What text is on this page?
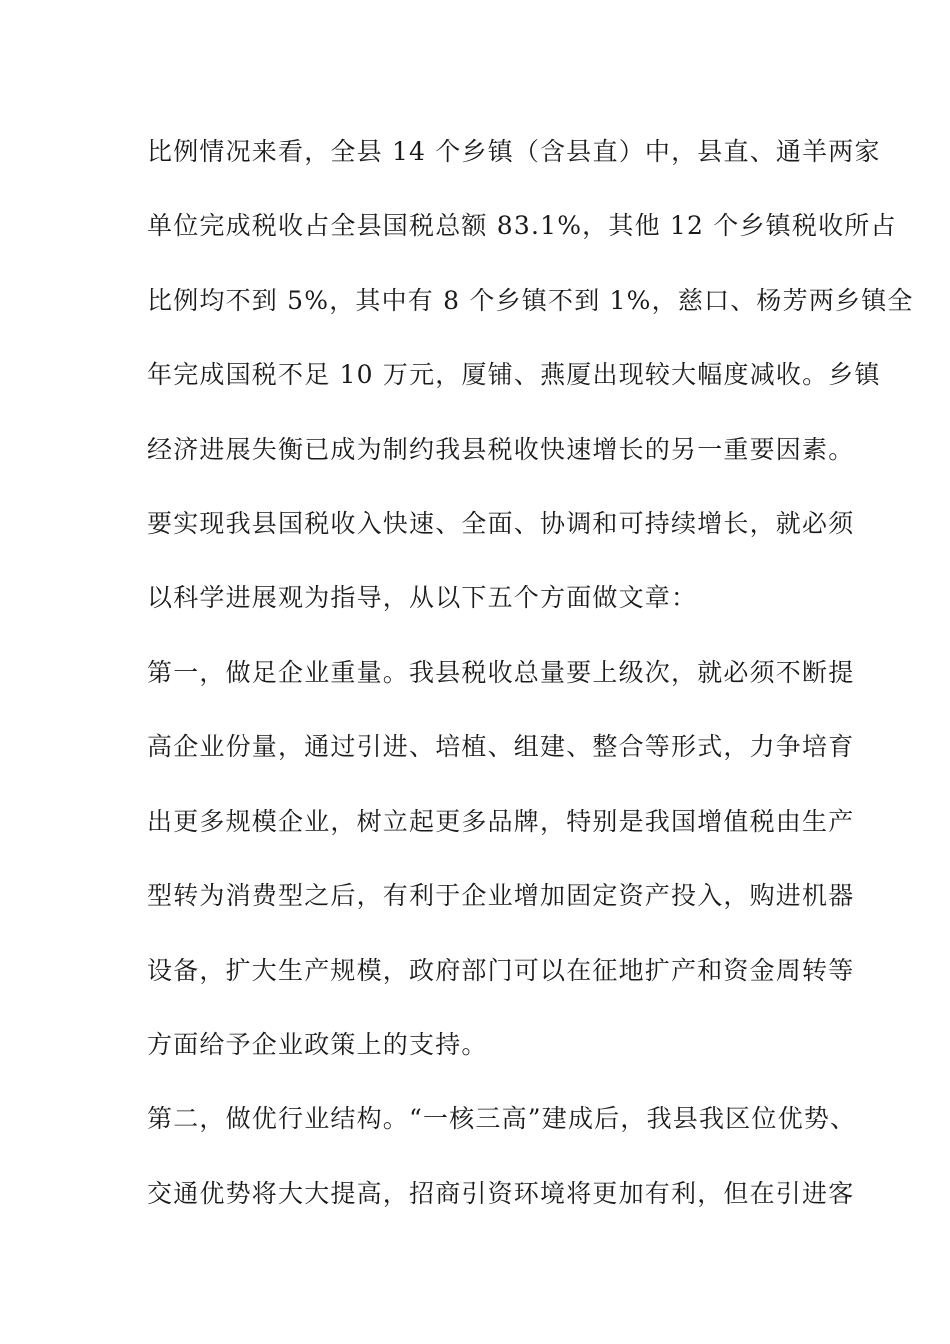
比例情况来看，全县 14 个乡镇（含县直）中，县直、通羊两家

单位完成税收占全县国税总额 83.1%，其他 12 个乡镇税收所占

比例均不到 5%，其中有 8 个乡镇不到 1%，慈口、杨芳两乡镇全

年完成国税不足 10 万元，厦铺、燕厦出现较大幅度减收。乡镇

经济进展失衡已成为制约我县税收快速增长的另一重要因素。

要实现我县国税收入快速、全面、协调和可持续增长，就必须

以科学进展观为指导，从以下五个方面做文章：

第一，做足企业重量。我县税收总量要上级次，就必须不断提

高企业份量，通过引进、培植、组建、整合等形式，力争培育

出更多规模企业，树立起更多品牌，特别是我国增值税由生产

型转为消费型之后，有利于企业增加固定资产投入，购进机器

设备，扩大生产规模，政府部门可以在征地扩产和资金周转等

方面给予企业政策上的支持。

第二，做优行业结构。“一核三高”建成后，我县我区位优势、

交通优势将大大提高，招商引资环境将更加有利，但在引进客
